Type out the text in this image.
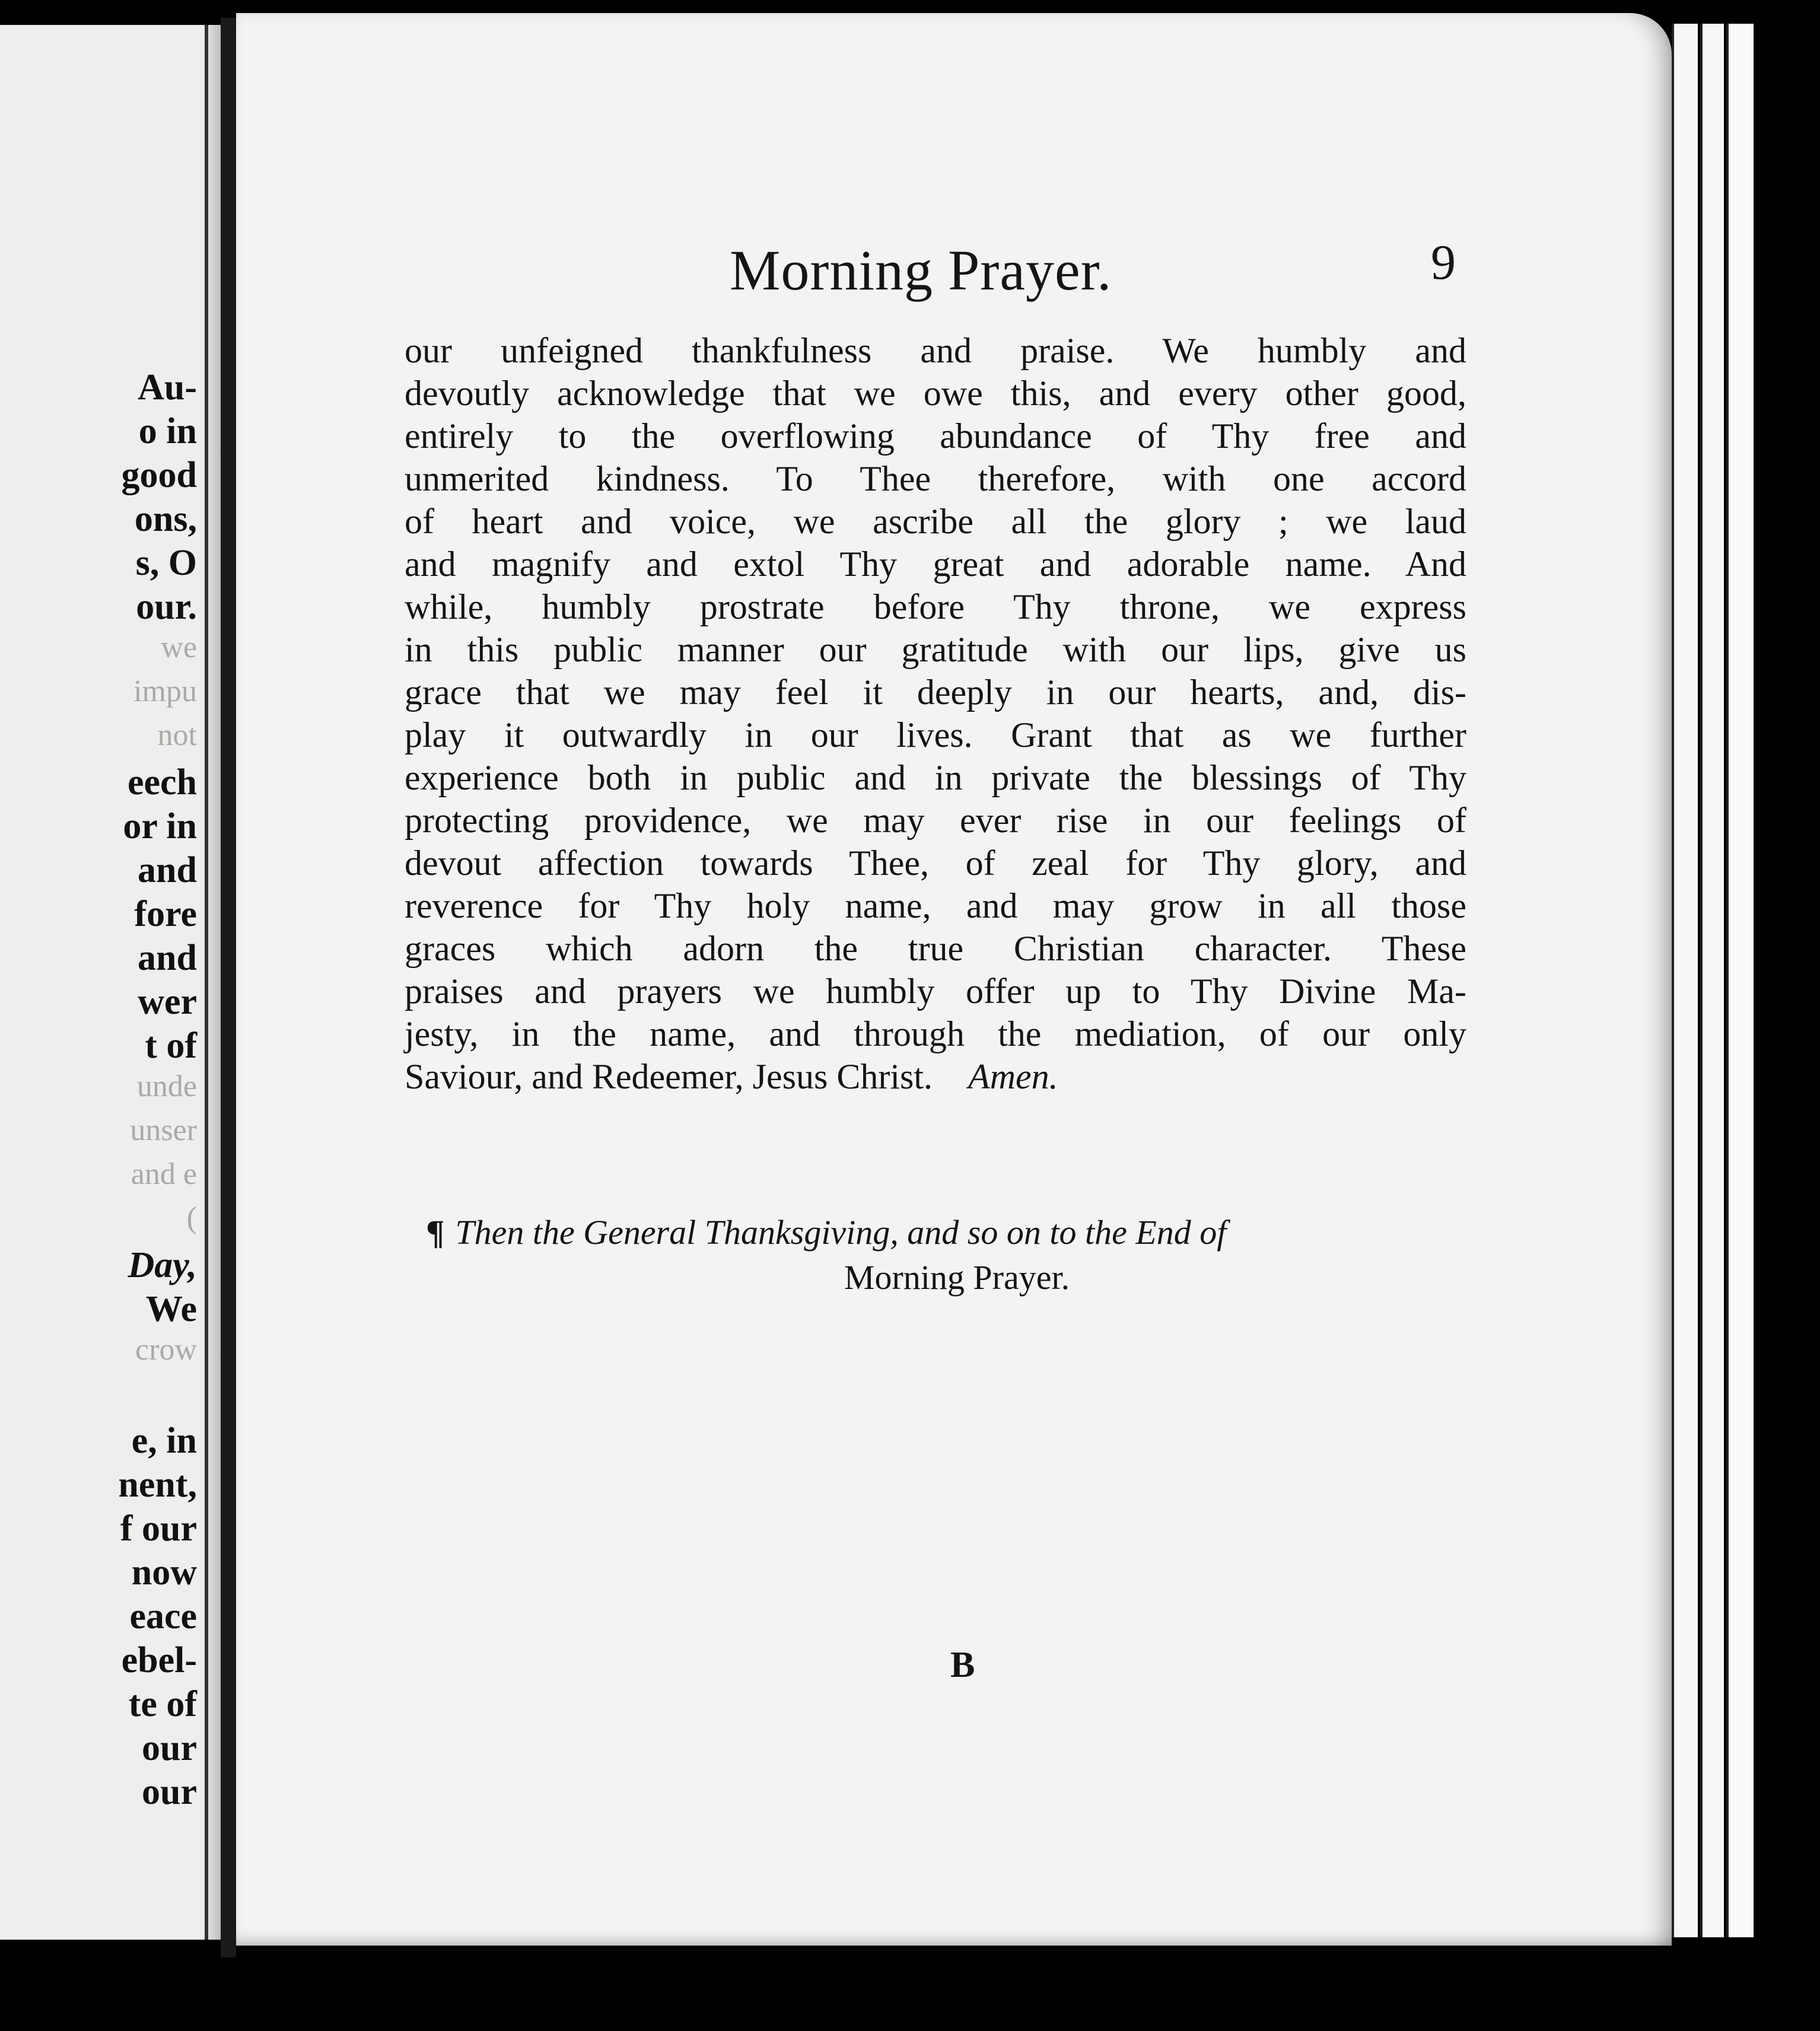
Au-
o in
good
ons,
s, O
our.
we
impu
not
eech
or in
and
fore
and
wer
t of
unde
unser
and e
(
Day,
We
crow
e, in
nent,
f our
now
eace
ebel-
te of
our
our
Morning Prayer.	9
our unfeigned thankfulness and praise. We humbly and
devoutly acknowledge that we owe this, and every other good,
entirely to the overflowing abundance of Thy free and
unmerited kindness. To Thee therefore, with one accord
of heart and voice, we ascribe all the glory ; we laud
and magnify and extol Thy great and adorable name. And
while, humbly prostrate before Thy throne, we express
in this public manner our gratitude with our lips, give us
grace that we may feel it deeply in our hearts, and, dis-
play it outwardly in our lives. Grant that as we further
experience both in public and in private the blessings of Thy
protecting providence, we may ever rise in our feelings of
devout affection towards Thee, of zeal for Thy glory, and
reverence for Thy holy name, and may grow in all those
graces which adorn the true Christian character. These
praises and prayers we humbly offer up to Thy Divine Ma-
jesty, in the name, and through the mediation, of our only
Saviour, and Redeemer, Jesus Christ. Amen.
¶ Then the General Thanksgiving, and so on to the End of
Morning Prayer.
B
